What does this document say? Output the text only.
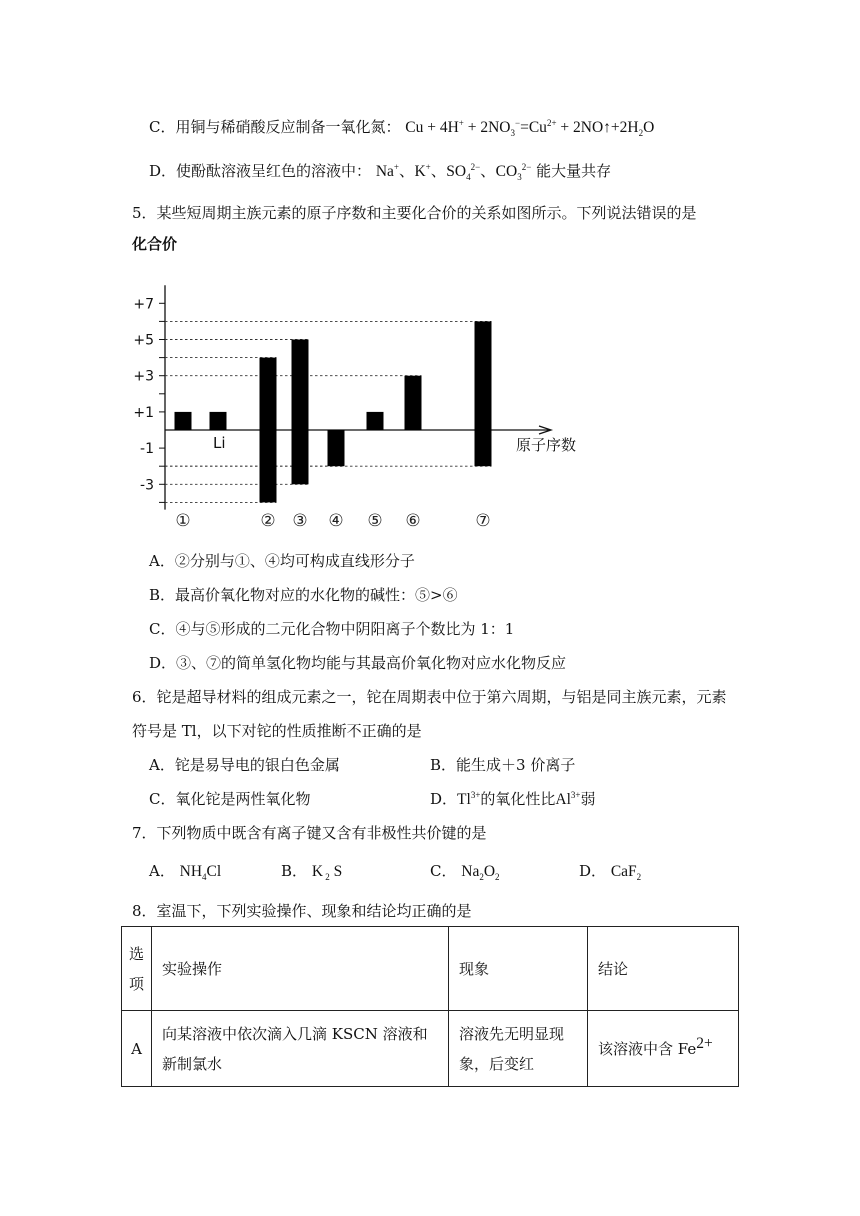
C．用铜与稀硝酸反应制备一氧化氮： $Cu + 4H^+ + 2NO_3^-=Cu^{2+}$ + $2NO↑+2H_2O$
D．使酚酞溶液呈红色的溶液中： Na+、K+、$SO_4^{2-}$、$CO_3^{2-}$ 能大量共存
5．某些短周期主族元素的原子序数和主要化合价的关系如图所示。下列说法错误的是
化合价
原子序数
Li
+7
+5
+3
+1
-1
-3
①	② ③ ④ ⑤ ⑥	⑦
A．②分别与①、④均可构成直线形分子
B．最高价氧化物对应的水化物的碱性：⑤>⑥
C．④与⑤形成的二元化合物中阴阳离子个数比为 1：1
D．③、⑦的简单氢化物均能与其最高价氧化物对应水化物反应
6．铊是超导材料的组成元素之一，铊在周期表中位于第六周期，与铝是同主族元素，元素
符号是 Tl，以下对铊的性质推断不正确的是
A．铊是易导电的银白色金属	B．能生成＋3 价离子
C．氧化铊是两性氧化物	D．$Tl^{3+}$的氧化性比$Al^{3+}$弱
7．下列物质中既含有离子键又含有非极性共价键的是
A． $NH_4Cl$	B． K $_2$ S	C． $Na_2O_2$	D． CaF$_2$
8．室温下，下列实验操作、现象和结论均正确的是
选
项	实验操作	现象	结论
A	向某溶液中依次滴入几滴 KSCN 溶液和
新制氯水	溶液先无明显现
象，后变红	该溶液中含 $Fe^{2+}$
